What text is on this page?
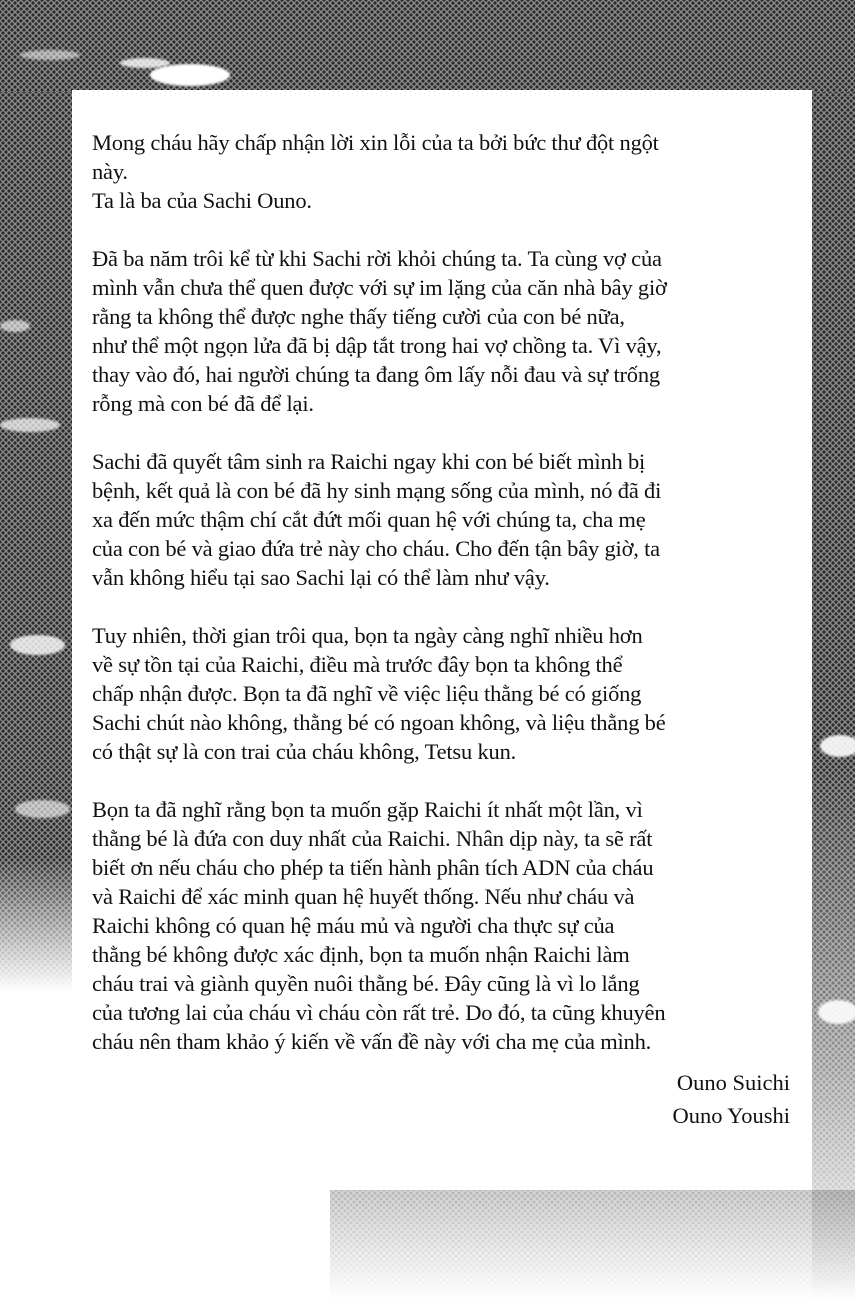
Mong cháu hãy chấp nhận lời xin lỗi của ta bởi bức thư đột ngột
này.
Ta là ba của Sachi Ouno.

Đã ba năm trôi kể từ khi Sachi rời khỏi chúng ta. Ta cùng vợ của
mình vẫn chưa thể quen được với sự im lặng của căn nhà bây giờ
rằng ta không thể được nghe thấy tiếng cười của con bé nữa,
như thể một ngọn lửa đã bị dập tắt trong hai vợ chồng ta. Vì vậy,
thay vào đó, hai người chúng ta đang ôm lấy nỗi đau và sự trống
rỗng mà con bé đã để lại.

Sachi đã quyết tâm sinh ra Raichi ngay khi con bé biết mình bị
bệnh, kết quả là con bé đã hy sinh mạng sống của mình, nó đã đi
xa đến mức thậm chí cắt đứt mối quan hệ với chúng ta, cha mẹ
của con bé và giao đứa trẻ này cho cháu. Cho đến tận bây giờ, ta
vẫn không hiểu tại sao Sachi lại có thể làm như vậy.

Tuy nhiên, thời gian trôi qua, bọn ta ngày càng nghĩ nhiều hơn
về sự tồn tại của Raichi, điều mà trước đây bọn ta không thể
chấp nhận được. Bọn ta đã nghĩ về việc liệu thằng bé có giống
Sachi chút nào không, thằng bé có ngoan không, và liệu thằng bé
có thật sự là con trai của cháu không, Tetsu kun.

Bọn ta đã nghĩ rằng bọn ta muốn gặp Raichi ít nhất một lần, vì
thằng bé là đứa con duy nhất của Raichi. Nhân dịp này, ta sẽ rất
biết ơn nếu cháu cho phép ta tiến hành phân tích ADN của cháu
và Raichi để xác minh quan hệ huyết thống. Nếu như cháu và
Raichi không có quan hệ máu mủ và người cha thực sự của
thằng bé không được xác định, bọn ta muốn nhận Raichi làm
cháu trai và giành quyền nuôi thằng bé. Đây cũng là vì lo lắng
của tương lai của cháu vì cháu còn rất trẻ. Do đó, ta cũng khuyên
cháu nên tham khảo ý kiến về vấn đề này với cha mẹ của mình.

Ouno Suichi
Ouno Youshi
